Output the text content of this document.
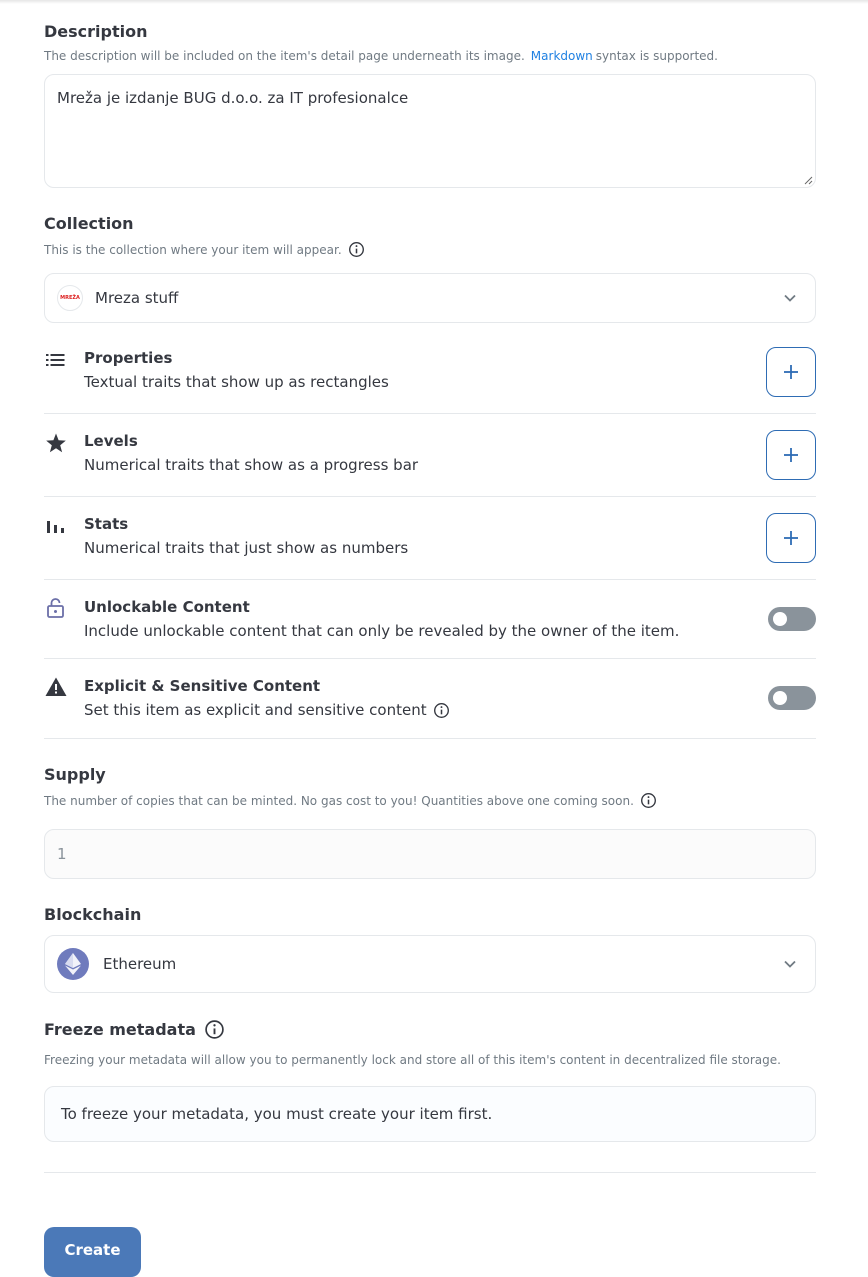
Description
The description will be included on the item's detail page underneath its image. Markdown syntax is supported.
Mreža je izdanje BUG d.o.o. za IT profesionalce
Collection
This is the collection where your item will appear.
MREŽA Mreza stuff
Properties
Textual traits that show up as rectangles
Levels
Numerical traits that show as a progress bar
Stats
Numerical traits that just show as numbers
Unlockable Content
Include unlockable content that can only be revealed by the owner of the item.
Explicit & Sensitive Content
Set this item as explicit and sensitive content
Supply
The number of copies that can be minted. No gas cost to you! Quantities above one coming soon.
1
Blockchain
Ethereum
Freeze metadata
Freezing your metadata will allow you to permanently lock and store all of this item's content in decentralized file storage.
To freeze your metadata, you must create your item first.
Create
